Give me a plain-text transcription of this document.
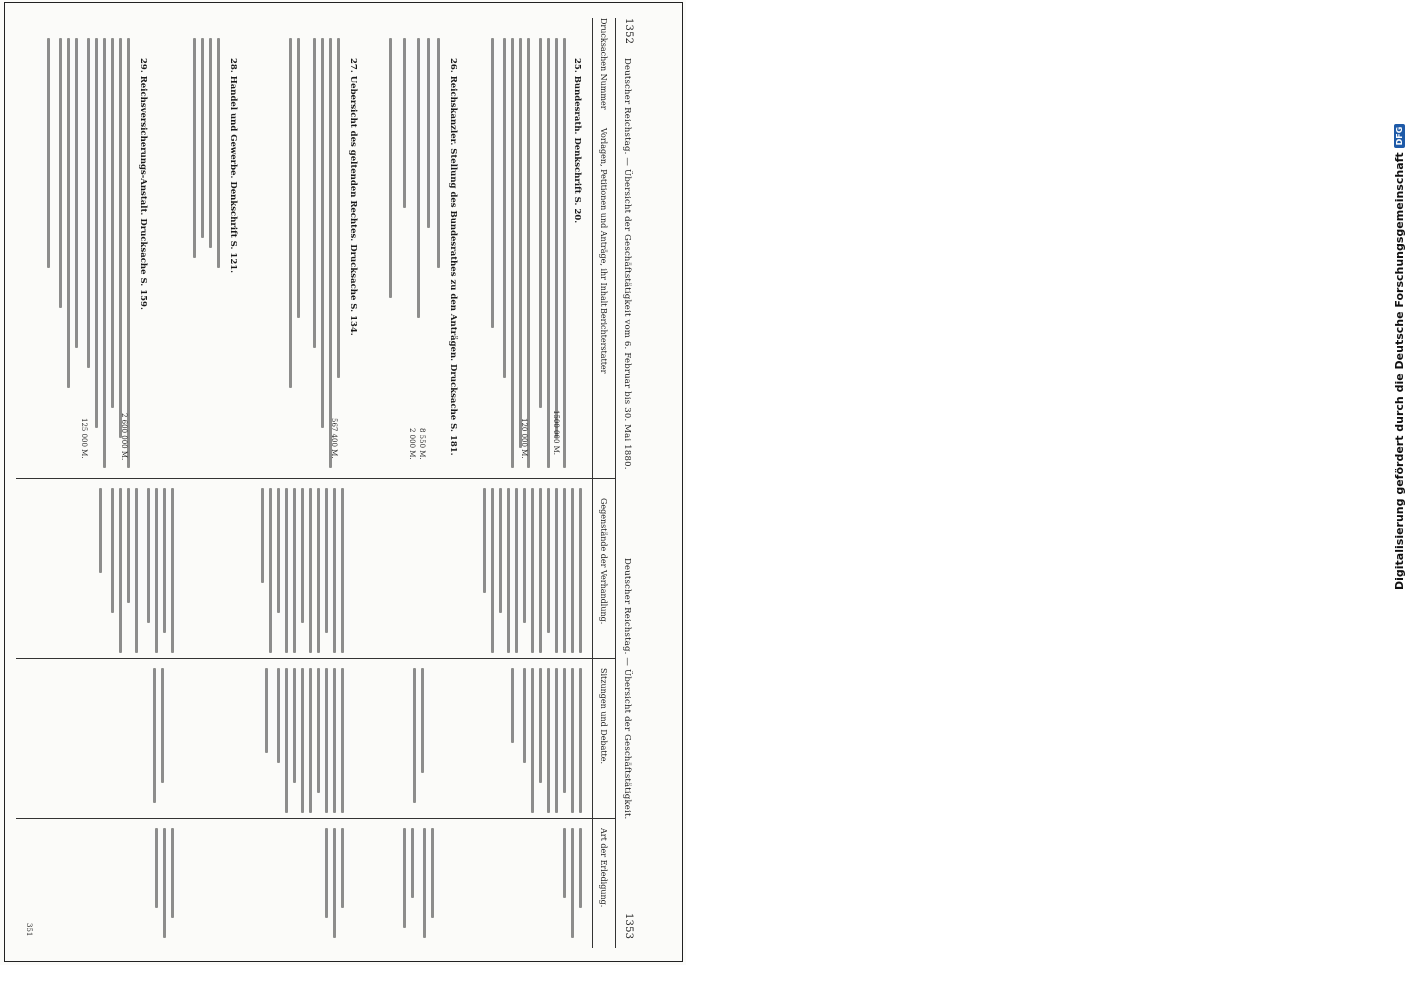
1352
Deutscher Reichstag. — Übersicht der Geschäftstätigkeit vom 6. Februar bis 30. Mai 1880.
Deutscher Reichstag. — Übersicht der Geschäftstätigkeit.
1353
Drucksachen Nummer
Vorlagen, Petitionen und Anträge, ihr Inhalt
Berichterstatter
Gegenstände der Verhandlung.
Sitzungen und Debatte.
Art der Erledigung.
25. Bundesrath. Denkschrift S. 20.
1500 000 M.
120 000 M.
26. Reichskanzler. Stellung des Bundesrathes zu den Anträgen. Drucksache S. 181.
8 550 M.
2 000 M.
27. Uebersicht des geltenden Rechtes. Drucksache S. 134.
567 400 M.
28. Handel und Gewerbe. Denkschrift S. 121.
29. Reichsversicherungs-Anstalt. Drucksache S. 159.
2 600 000 M.
125 000 M.
351
Digitalisierung gefördert durch die Deutsche Forschungsgemeinschaft
DFG
